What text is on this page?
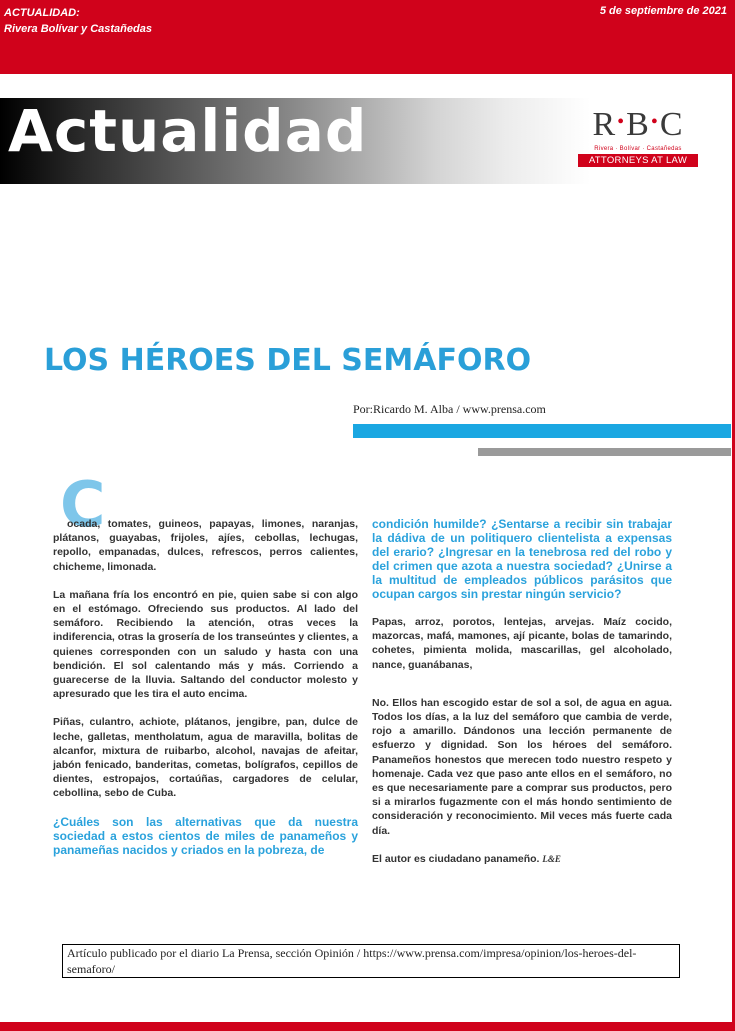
ACTUALIDAD:
Rivera Bolívar y Castañedas
5 de septiembre de 2021
Actualidad	R•B•C
Rivera · Bolívar · Castañedas
ATTORNEYS AT LAW
LOS HÉROES DEL SEMÁFORO
Por:Ricardo M. Alba / www.prensa.com
C

ocada, tomates, guineos, papayas, limones, naranjas, plátanos, guayabas, frijoles, ajíes, cebollas, lechugas, repollo, empanadas, dulces, refrescos, perros calientes, chicheme, limonada.

La mañana fría los encontró en pie, quien sabe si con algo en el estómago. Ofreciendo sus productos. Al lado del semáforo. Recibiendo la atención, otras veces la indiferencia, otras la grosería de los transeúntes y clientes, a quienes corresponden con un saludo y hasta con una bendición. El sol calentando más y más. Corriendo a guarecerse de la lluvia. Saltando del conductor molesto y apresurado que les tira el auto encima.

Piñas, culantro, achiote, plátanos, jengibre, pan, dulce de leche, galletas, mentholatum, agua de maravilla, bolitas de alcanfor, mixtura de ruibarbo, alcohol, navajas de afeitar, jabón fenicado, banderitas, cometas, bolígrafos, cepillos de dientes, estropajos, cortaúñas, cargadores de celular, cebollina, sebo de Cuba.

¿Cuáles son las alternativas que da nuestra sociedad a estos cientos de miles de panameños y panameñas nacidos y criados en la pobreza, de

condición humilde? ¿Sentarse a recibir sin trabajar la dádiva de un politiquero clientelista a expensas del erario? ¿Ingresar en la tenebrosa red del robo y del crimen que azota a nuestra sociedad? ¿Unirse a la multitud de empleados públicos parásitos que ocupan cargos sin prestar ningún servicio?

Papas, arroz, porotos, lentejas, arvejas. Maíz cocido, mazorcas, mafá, mamones, ají picante, bolas de tamarindo, cohetes, pimienta molida, mascarillas, gel alcoholado, nance, guanábanas,

No. Ellos han escogido estar de sol a sol, de agua en agua. Todos los días, a la luz del semáforo que cambia de verde, rojo a amarillo. Dándonos una lección permanente de esfuerzo y dignidad. Son los héroes del semáforo. Panameños honestos que merecen todo nuestro respeto y homenaje. Cada vez que paso ante ellos en el semáforo, no es que necesariamente pare a comprar sus productos, pero si a mirarlos fugazmente con el más hondo sentimiento de consideración y reconocimiento. Mil veces más fuerte cada día.

El autor es ciudadano panameño. L&E

Artículo publicado por el diario La Prensa, sección Opinión / https://www.prensa.com/impresa/opinion/los-heroes-del-semaforo/
